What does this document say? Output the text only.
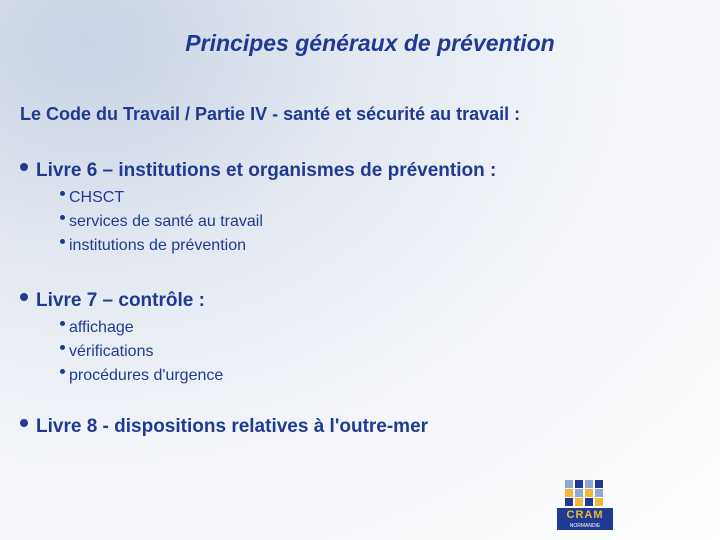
Principes généraux de prévention
Le Code du Travail / Partie IV - santé et sécurité au travail :
Livre 6 – institutions et organismes de prévention :
CHSCT
services de santé au travail
institutions de prévention
Livre 7 – contrôle :
affichage
vérifications
procédures d'urgence
Livre 8 - dispositions relatives à l'outre-mer
CRAM
NORMANDIE
